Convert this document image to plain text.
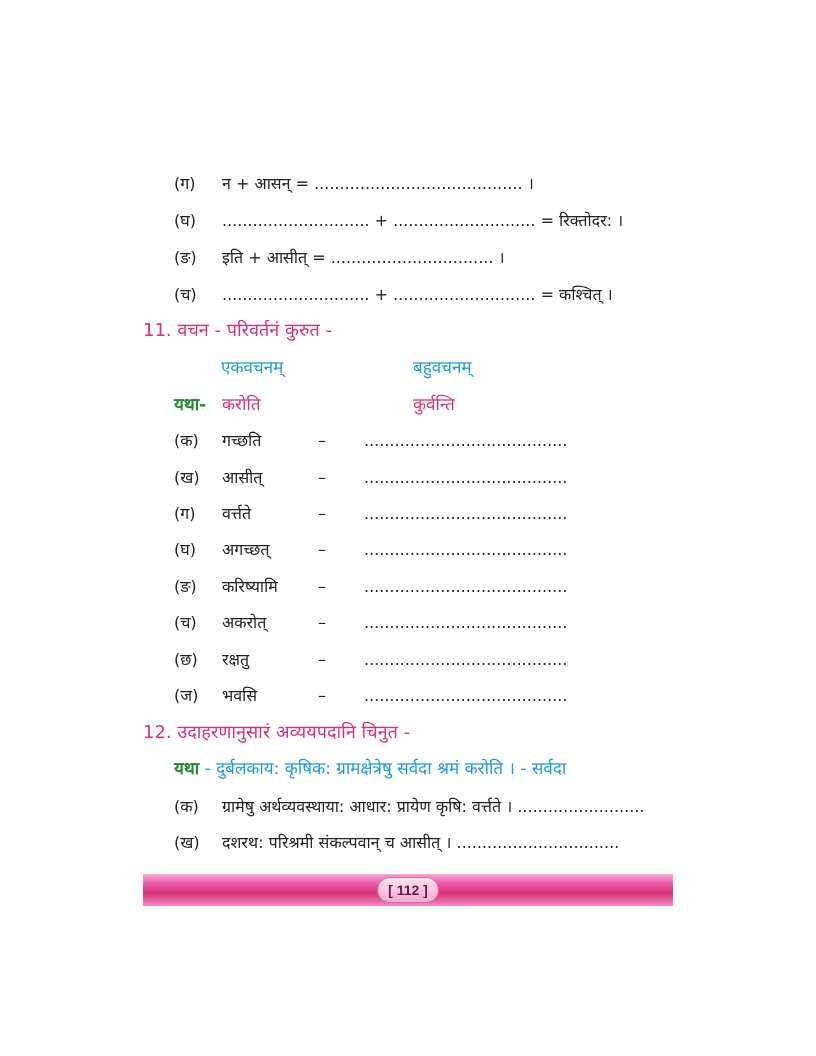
(ग) न + आसन् = ......................................... ।
(घ) ............................. + ............................ = रिक्तोदर: ।
(ङ) इति + आसीत् = ................................ ।
(च) ............................. + ............................ = कश्चित् ।
11. वचन - परिवर्तनं कुरुत -
एकवचनम्	बहुवचनम्
यथा- करोति	कुर्वन्ति
(क)	गच्छति	– ........................................
(ख)	आसीत्	– ........................................
(ग)	वर्त्तते	– ........................................
(घ)	अगच्छत्	– ........................................
(ङ)	करिष्यामि	– ........................................
(च)	अकरोत्	– ........................................
(छ)	रक्षतु	– ........................................
(ज)	भवसि	– ........................................
12. उदाहरणानुसारं अव्ययपदानि चिनुत -
यथा - दुर्बलकाय: कृषिक: ग्रामक्षेत्रेषु सर्वदा श्रमं करोति । - सर्वदा
(क) ग्रामेषु अर्थव्यवस्थाया: आधार: प्रायेण कृषि: वर्त्तते । .........................
(ख) दशरथ: परिश्रमी संकल्पवान् च आसीत् । ................................
[ 112 ]
